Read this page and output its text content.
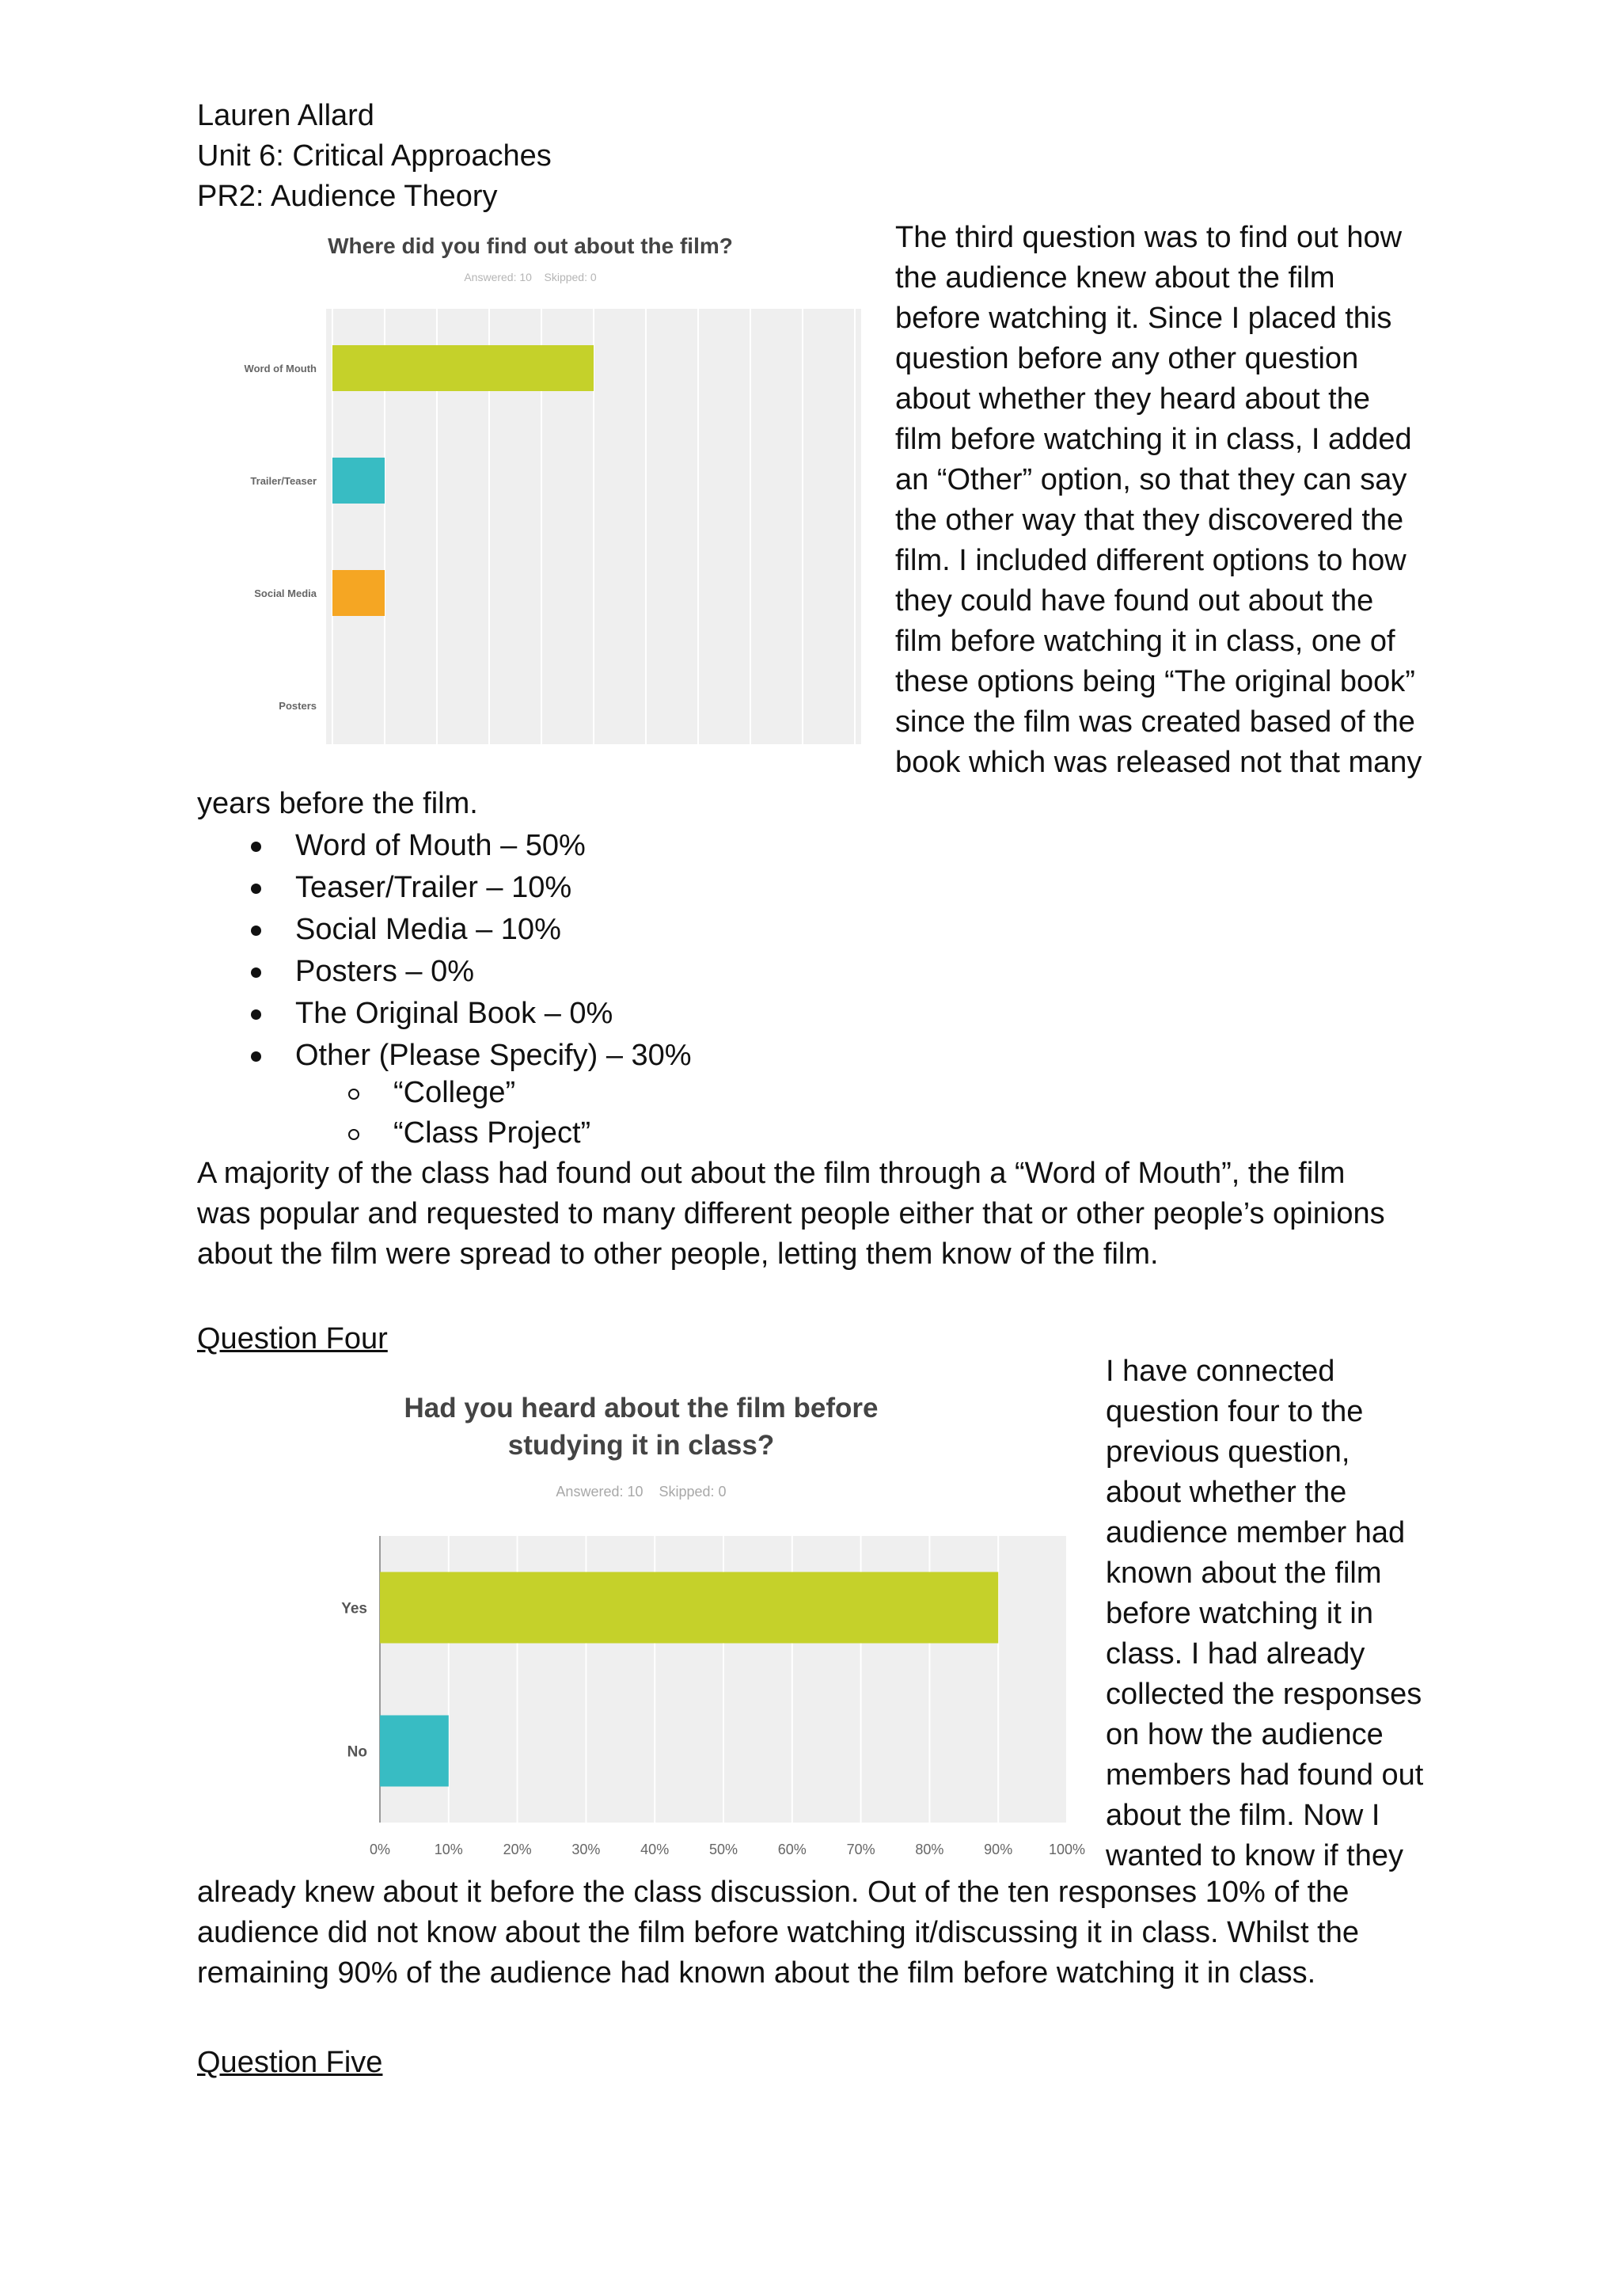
Lauren Allard
Unit 6: Critical Approaches
PR2: Audience Theory
Where did you find out about the film?
Answered: 10    Skipped: 0
Word of Mouth
Trailer/Teaser
Social Media
Posters
The third question was to find out how
the audience knew about the film
before watching it. Since I placed this
question before any other question
about whether they heard about the
film before watching it in class, I added
an “Other” option, so that they can say
the other way that they discovered the
film. I included different options to how
they could have found out about the
film before watching it in class, one of
these options being “The original book”
since the film was created based of the
book which was released not that many
years before the film.
Word of Mouth – 50%
Teaser/Trailer – 10%
Social Media – 10%
Posters – 0%
The Original Book – 0%
Other (Please Specify) – 30%
“College”
“Class Project”
A majority of the class had found out about the film through a “Word of Mouth”, the film
was popular and requested to many different people either that or other people’s opinions
about the film were spread to other people, letting them know of the film.
Question Four
Had you heard about the film before
studying it in class?
Answered: 10    Skipped: 0
Yes
No
0%	10%	20%	30%	40%	50%	60%	70%	80%	90%	100%
I have connected
question four to the
previous question,
about whether the
audience member had
known about the film
before watching it in
class. I had already
collected the responses
on how the audience
members had found out
about the film. Now I
wanted to know if they
already knew about it before the class discussion. Out of the ten responses 10% of the
audience did not know about the film before watching it/discussing it in class. Whilst the
remaining 90% of the audience had known about the film before watching it in class.
Question Five
